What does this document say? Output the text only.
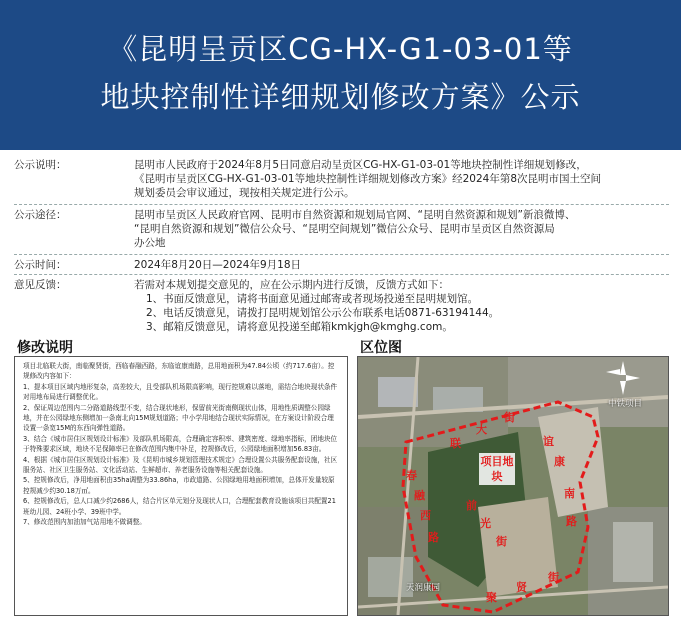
《昆明呈贡区CG-HX-G1-03-01等
地块控制性详细规划修改方案》公示
公示说明：	昆明市人民政府于2024年8月5日同意启动呈贡区CG-HX-G1-03-01等地块控制性详细规划修改，
《昆明市呈贡区CG-HX-G1-03-01等地块控制性详细规划修改方案》经2024年第8次昆明市国土空间
规划委员会审议通过，现按相关规定进行公示。
公示途径：	昆明市呈贡区人民政府官网、昆明市自然资源和规划局官网、“昆明自然资源和规划”新浪微博、
“昆明自然资源和规划”微信公众号、“昆明空间规划”微信公众号、昆明市呈贡区自然资源局
办公地
公示时间：	2024年8月20日—2024年9月18日
意见反馈：	若需对本规划提交意见的，应在公示期内进行反馈，反馈方式如下：
1、书面反馈意见，请将书面意见通过邮寄或者现场投递至昆明规划馆。
2、电话反馈意见，请拨打昆明规划馆公示公布联系电话0871-63194144。
3、邮箱反馈意见，请将意见投递至邮箱kmkjgh@kmghg.com。
修改说明	区位图
项目北临联大街，南临聚贤街，西临春融西路，东临谊康南路，总用地面积为47.84公顷（约717.6亩）。控规修改内容如下：
1、提本项目区域内地形复杂，高差较大，且受部队机场限高影响，现行控规难以落地，需结合地块现状条件对用地布局进行调整优化。
2、保证周边范围内二分路道路线型不变，结合现状地形，保留前光街南侧现状山体，用地性质调整公园绿地，并在公园绿地东侧增加一条南北向15M规划道路；中小学用地结合现状实际情况，在方案设计阶段合理设置一条宽15M的东西向弹性道路。
3、结合《城市居住区规划设计标准》及部队机场限高，合理确定容积率、建筑密度、绿地率指标，团地块位于特殊要求区域，地块不足保障率已在修改范围内集中补足，控规修改后，公园绿地面积增加56.83亩。
4、根据《城市居住区规划设计标准》及《昆明市城乡规划管理技术规定》合理设置公共服务配套设施，社区服务站、社区卫生服务站、文化活动站、生鲜超市、养老服务设施等相关配套设施。
5、控规修改后，净用地面积由35ha调整为33.86ha，市政道路、公园绿地用地面积增加，总体开发量较原控规减少约30.18万㎡。
6、控规修改后，总人口减少约2686人，结合片区单元划分及现状人口，合理配套教育设施该项目共配置21班幼儿园、24班小学、39班中学。
7、修改范围内加油加气站用地不做调整。
联
大
街
春
融
西
路
谊
康
南
路
聚
贤
街
前
光
街
中铁项目
天润康园
项目地块
